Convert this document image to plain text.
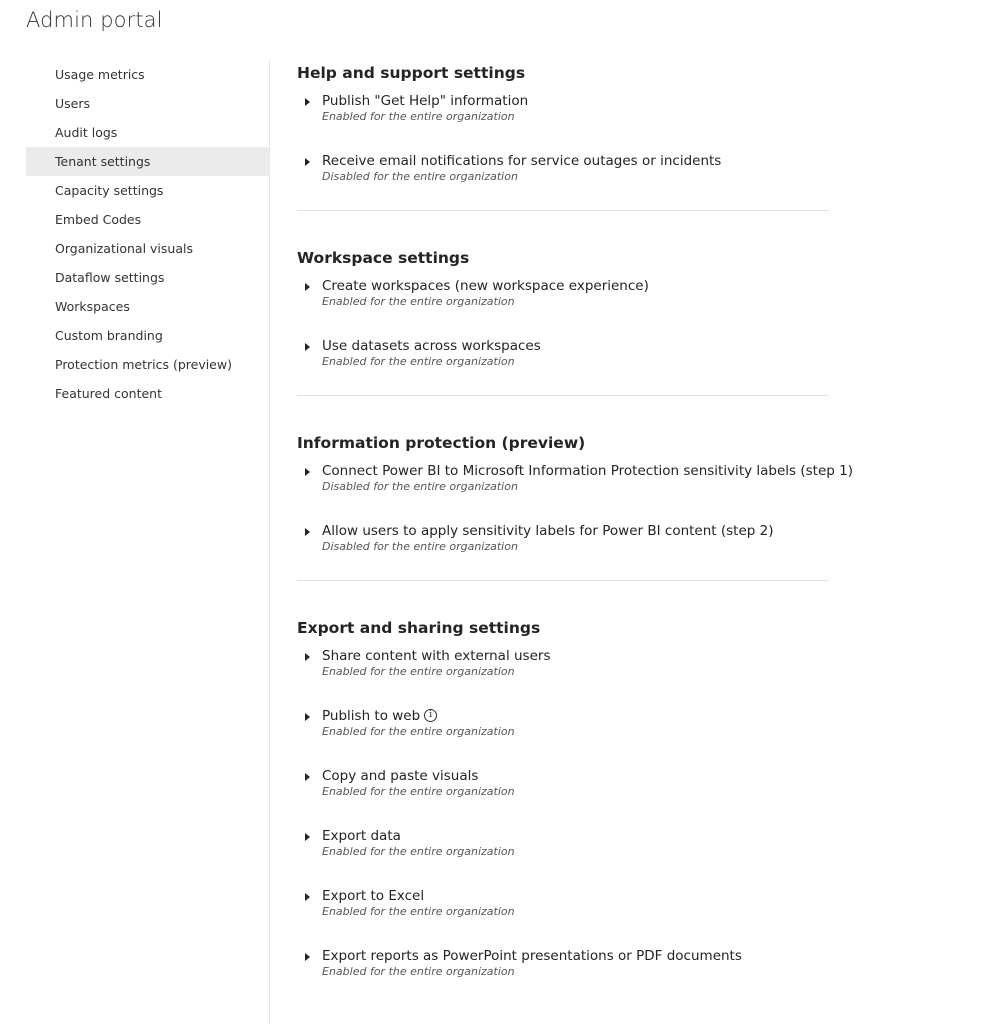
Admin portal
Usage metrics
Users
Audit logs
Tenant settings
Capacity settings
Embed Codes
Organizational visuals
Dataflow settings
Workspaces
Custom branding
Protection metrics (preview)
Featured content
Help and support settings
Publish "Get Help" information
Enabled for the entire organization
Receive email notifications for service outages or incidents
Disabled for the entire organization
Workspace settings
Create workspaces (new workspace experience)
Enabled for the entire organization
Use datasets across workspaces
Enabled for the entire organization
Information protection (preview)
Connect Power BI to Microsoft Information Protection sensitivity labels (step 1)
Disabled for the entire organization
Allow users to apply sensitivity labels for Power BI content (step 2)
Disabled for the entire organization
Export and sharing settings
Share content with external users
Enabled for the entire organization
Publish to web i
Enabled for the entire organization
Copy and paste visuals
Enabled for the entire organization
Export data
Enabled for the entire organization
Export to Excel
Enabled for the entire organization
Export reports as PowerPoint presentations or PDF documents
Enabled for the entire organization
